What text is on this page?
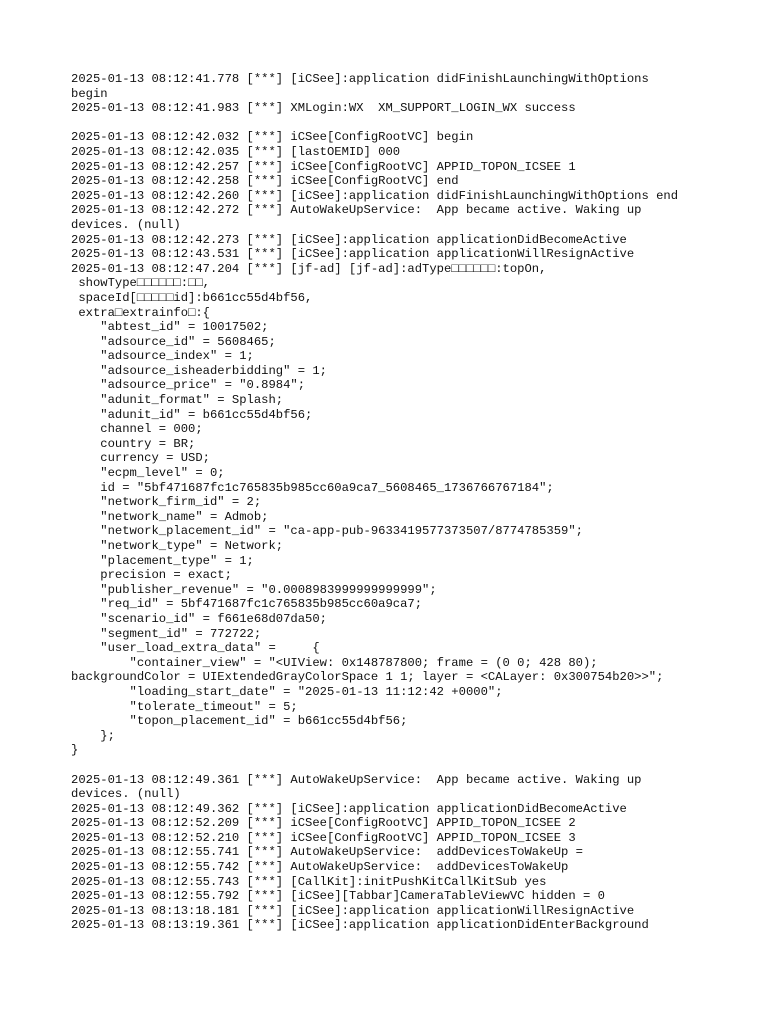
2025-01-13 08:12:41.778 [***] [iCSee]:application didFinishLaunchingWithOptions
begin
2025-01-13 08:12:41.983 [***] XMLogin:WX  XM_SUPPORT_LOGIN_WX success
2025-01-13 08:12:42.032 [***] iCSee[ConfigRootVC] begin
2025-01-13 08:12:42.035 [***] [lastOEMID] 000
2025-01-13 08:12:42.257 [***] iCSee[ConfigRootVC] APPID_TOPON_ICSEE 1
2025-01-13 08:12:42.258 [***] iCSee[ConfigRootVC] end
2025-01-13 08:12:42.260 [***] [iCSee]:application didFinishLaunchingWithOptions end
2025-01-13 08:12:42.272 [***] AutoWakeUpService:  App became active. Waking up
devices. (null)
2025-01-13 08:12:42.273 [***] [iCSee]:application applicationDidBecomeActive
2025-01-13 08:12:43.531 [***] [iCSee]:application applicationWillResignActive
2025-01-13 08:12:47.204 [***] [jf-ad] [jf-ad]:adType□□□□□□:topOn,
showType□□□□□□:□□,
spaceId[□□□□□id]:b661cc55d4bf56,
extra□extrainfo□:{
"abtest_id" = 10017502;
"adsource_id" = 5608465;
"adsource_index" = 1;
"adsource_isheaderbidding" = 1;
"adsource_price" = "0.8984";
"adunit_format" = Splash;
"adunit_id" = b661cc55d4bf56;
channel = 000;
country = BR;
currency = USD;
"ecpm_level" = 0;
id = "5bf471687fc1c765835b985cc60a9ca7_5608465_1736766767184";
"network_firm_id" = 2;
"network_name" = Admob;
"network_placement_id" = "ca-app-pub-9633419577373507/8774785359";
"network_type" = Network;
"placement_type" = 1;
precision = exact;
"publisher_revenue" = "0.0008983999999999999";
"req_id" = 5bf471687fc1c765835b985cc60a9ca7;
"scenario_id" = f661e68d07da50;
"segment_id" = 772722;
"user_load_extra_data" =     {
"container_view" = "<UIView: 0x148787800; frame = (0 0; 428 80);
backgroundColor = UIExtendedGrayColorSpace 1 1; layer = <CALayer: 0x300754b20>>";
"loading_start_date" = "2025-01-13 11:12:42 +0000";
"tolerate_timeout" = 5;
"topon_placement_id" = b661cc55d4bf56;
};
}
2025-01-13 08:12:49.361 [***] AutoWakeUpService:  App became active. Waking up
devices. (null)
2025-01-13 08:12:49.362 [***] [iCSee]:application applicationDidBecomeActive
2025-01-13 08:12:52.209 [***] iCSee[ConfigRootVC] APPID_TOPON_ICSEE 2
2025-01-13 08:12:52.210 [***] iCSee[ConfigRootVC] APPID_TOPON_ICSEE 3
2025-01-13 08:12:55.741 [***] AutoWakeUpService:  addDevicesToWakeUp =
2025-01-13 08:12:55.742 [***] AutoWakeUpService:  addDevicesToWakeUp
2025-01-13 08:12:55.743 [***] [CallKit]:initPushKitCallKitSub yes
2025-01-13 08:12:55.792 [***] [iCSee][Tabbar]CameraTableViewVC hidden = 0
2025-01-13 08:13:18.181 [***] [iCSee]:application applicationWillResignActive
2025-01-13 08:13:19.361 [***] [iCSee]:application applicationDidEnterBackground
